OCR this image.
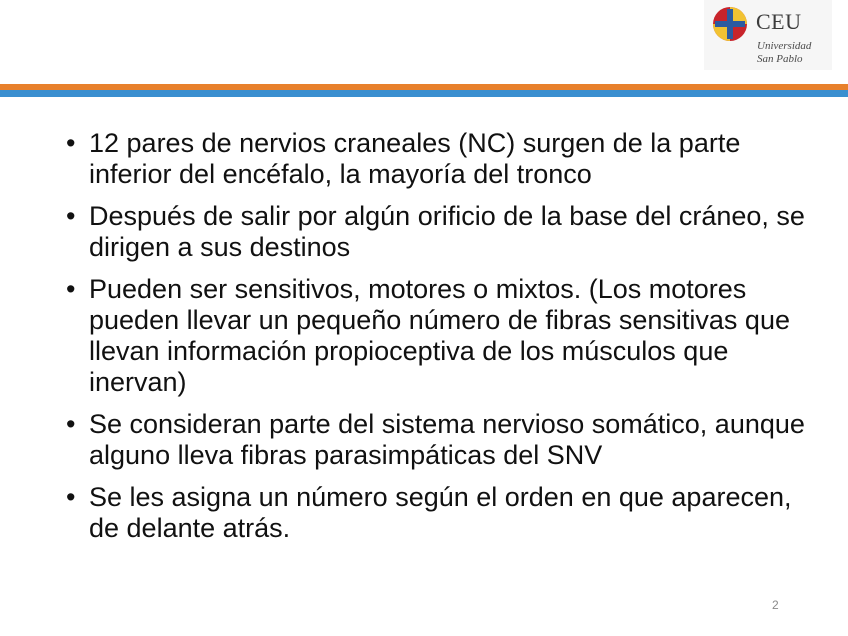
CEU
Universidad
San Pablo
• 12 pares de nervios craneales (NC) surgen de la parte inferior del encéfalo, la mayoría del tronco
• Después de salir por algún orificio de la base del cráneo, se dirigen a sus destinos
• Pueden ser sensitivos, motores o mixtos. (Los motores pueden llevar un pequeño número de fibras sensitivas que llevan información propioceptiva de los músculos que inervan)
• Se consideran parte del sistema nervioso somático, aunque alguno lleva fibras parasimpáticas del SNV
• Se les asigna un número según el orden en que aparecen, de delante atrás.
2
